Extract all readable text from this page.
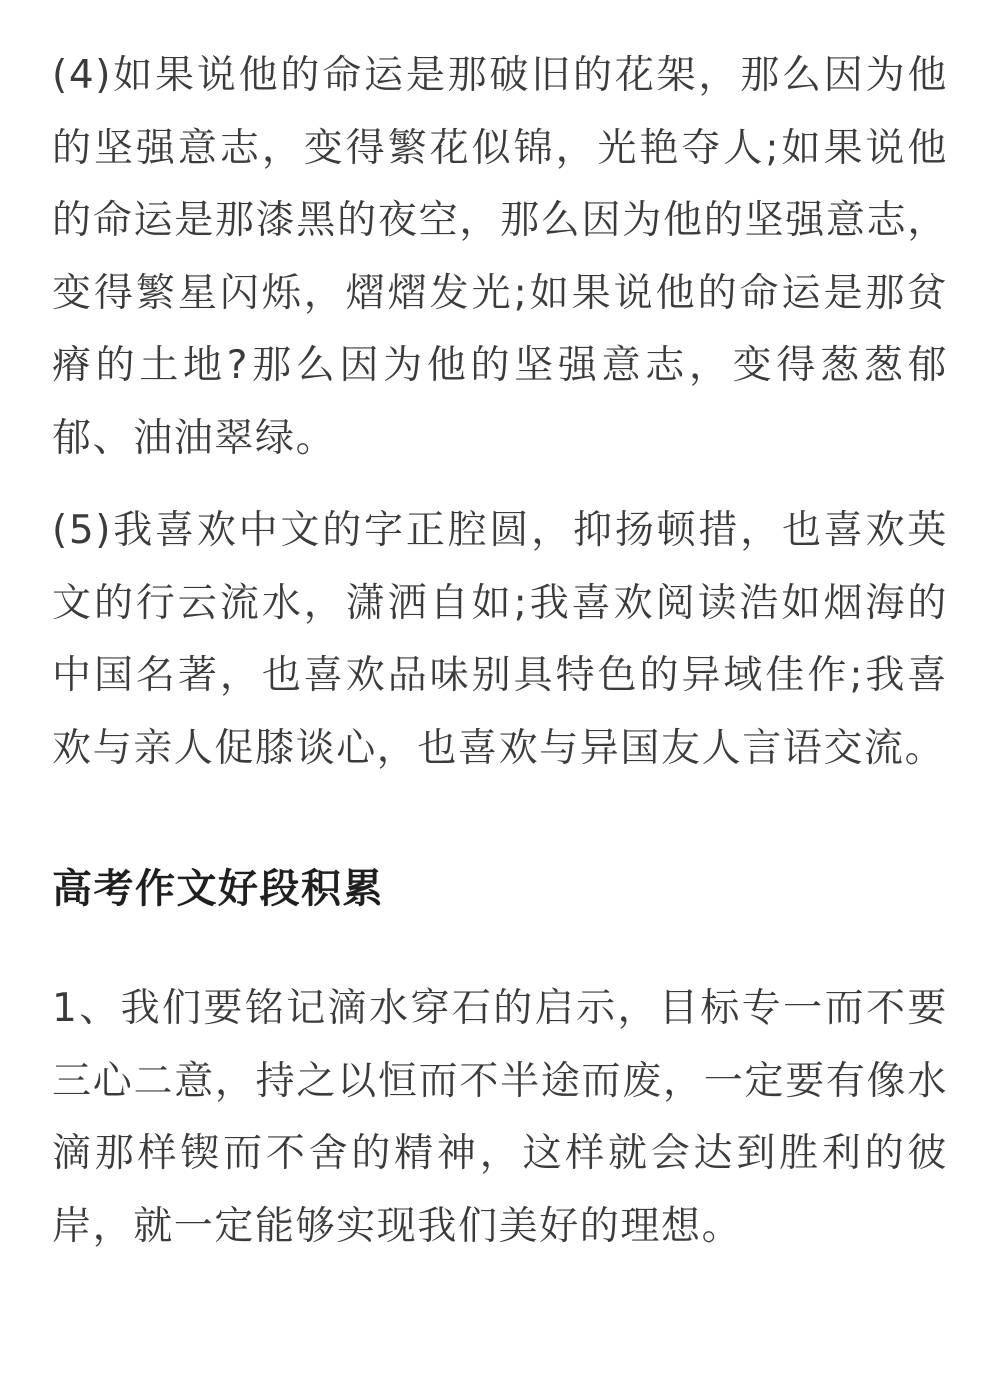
(4)如果说他的命运是那破旧的花架，那么因为他的坚强意志，变得繁花似锦，光艳夺人;如果说他的命运是那漆黑的夜空，那么因为他的坚强意志，变得繁星闪烁，熠熠发光;如果说他的命运是那贫瘠的土地?那么因为他的坚强意志，变得葱葱郁郁、油油翠绿。

(5)我喜欢中文的字正腔圆，抑扬顿措，也喜欢英文的行云流水，潇洒自如;我喜欢阅读浩如烟海的中国名著，也喜欢品味别具特色的异域佳作;我喜欢与亲人促膝谈心，也喜欢与异国友人言语交流。

高考作文好段积累

1、我们要铭记滴水穿石的启示，目标专一而不要三心二意，持之以恒而不半途而废，一定要有像水滴那样锲而不舍的精神，这样就会达到胜利的彼岸，就一定能够实现我们美好的理想。
